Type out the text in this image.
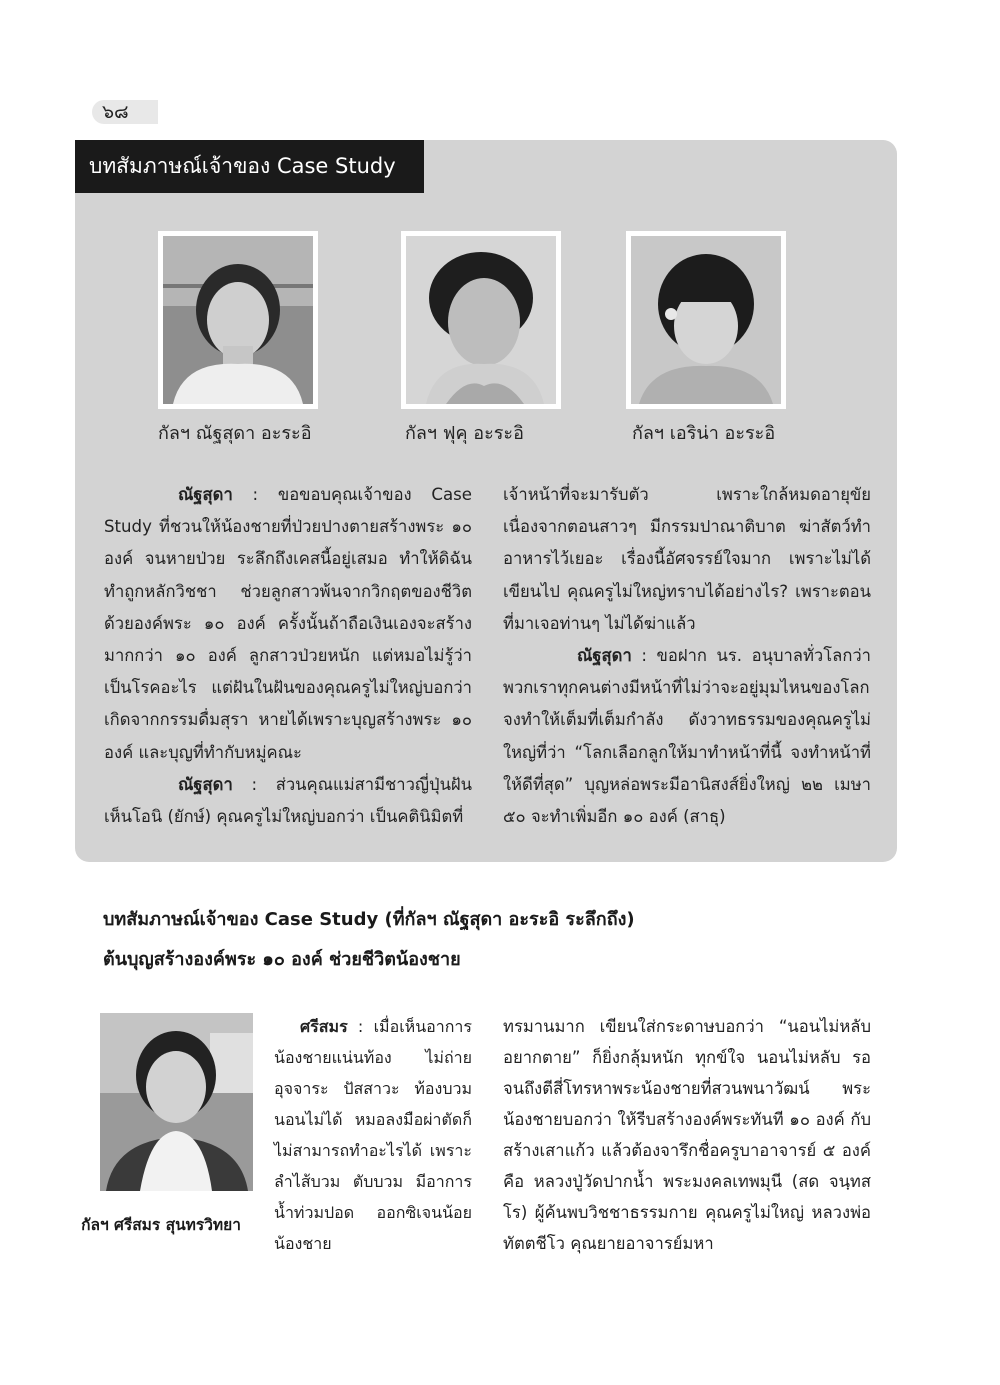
๖๘
บทสัมภาษณ์เจ้าของ Case Study
กัลฯ ณัฐสุดา อะระอิ	กัลฯ ฟุคุ อะระอิ	กัลฯ เอริน่า อะระอิ

ณัฐสุดา : ขอขอบคุณเจ้าของ Case Study ที่ชวนให้น้องชายที่ป่วยปางตายสร้างพระ ๑๐ องค์ จนหายป่วย ระลึกถึงเคสนี้อยู่เสมอ ทำให้ดิฉันทำถูกหลักวิชชา ช่วยลูกสาวพ้นจากวิกฤตของชีวิตด้วยองค์พระ ๑๐ องค์ ครั้งนั้นถ้าถือเงินเองจะสร้างมากกว่า ๑๐ องค์ ลูกสาวป่วยหนัก แต่หมอไม่รู้ว่าเป็นโรคอะไร แต่ฝันในฝันของคุณครูไม่ใหญ่บอกว่าเกิดจากกรรมดื่มสุรา หายได้เพราะบุญสร้างพระ ๑๐ องค์ และบุญที่ทำกับหมู่คณะ

ณัฐสุดา : ส่วนคุณแม่สามีชาวญี่ปุ่นฝันเห็นโอนิ (ยักษ์) คุณครูไม่ใหญ่บอกว่า เป็นคตินิมิตที่

เจ้าหน้าที่จะมารับตัว เพราะใกล้หมดอายุขัย เนื่องจากตอนสาวๆ มีกรรมปาณาติบาต ฆ่าสัตว์ทำอาหารไว้เยอะ เรื่องนี้อัศจรรย์ใจมาก เพราะไม่ได้เขียนไป คุณครูไม่ใหญ่ทราบได้อย่างไร? เพราะตอนที่มาเจอท่านๆ ไม่ได้ฆ่าแล้ว

ณัฐสุดา : ขอฝาก นร. อนุบาลทั่วโลกว่า พวกเราทุกคนต่างมีหน้าที่ไม่ว่าจะอยู่มุมไหนของโลก จงทำให้เต็มที่เต็มกำลัง ดังวาทธรรมของคุณครูไม่ใหญ่ที่ว่า “โลกเลือกลูกให้มาทำหน้าที่นี้ จงทำหน้าที่ให้ดีที่สุด” บุญหล่อพระมีอานิสงส์ยิ่งใหญ่ ๒๒ เมษา ๕๐ จะทำเพิ่มอีก ๑๐ องค์ (สาธุ)

บทสัมภาษณ์เจ้าของ Case Study (ที่กัลฯ ณัฐสุดา อะระอิ ระลึกถึง)
ต้นบุญสร้างองค์พระ ๑๐ องค์ ช่วยชีวิตน้องชาย
กัลฯ ศรีสมร สุนทรวิทยา

ศรีสมร : เมื่อเห็นอาการน้องชายแน่นท้อง ไม่ถ่ายอุจจาระ ปัสสาวะ ท้องบวม นอนไม่ได้ หมอลงมือผ่าตัดก็ไม่สามารถทำอะไรได้ เพราะลำไส้บวม ตับบวม มีอาการน้ำท่วมปอด ออกซิเจนน้อย น้องชาย

ทรมานมาก เขียนใส่กระดาษบอกว่า “นอนไม่หลับ อยากตาย” ก็ยิ่งกลุ้มหนัก ทุกข์ใจ นอนไม่หลับ รอจนถึงตีสี่โทรหาพระน้องชายที่สวนพนาวัฒน์ พระน้องชายบอกว่า ให้รีบสร้างองค์พระทันที ๑๐ องค์ กับสร้างเสาแก้ว แล้วต้องจารึกชื่อครูบาอาจารย์ ๕ องค์ คือ หลวงปู่วัดปากน้ำ พระมงคลเทพมุนี (สด จนฺทสโร) ผู้ค้นพบวิชชาธรรมกาย คุณครูไม่ใหญ่ หลวงพ่อทัตตชีโว คุณยายอาจารย์มหา
